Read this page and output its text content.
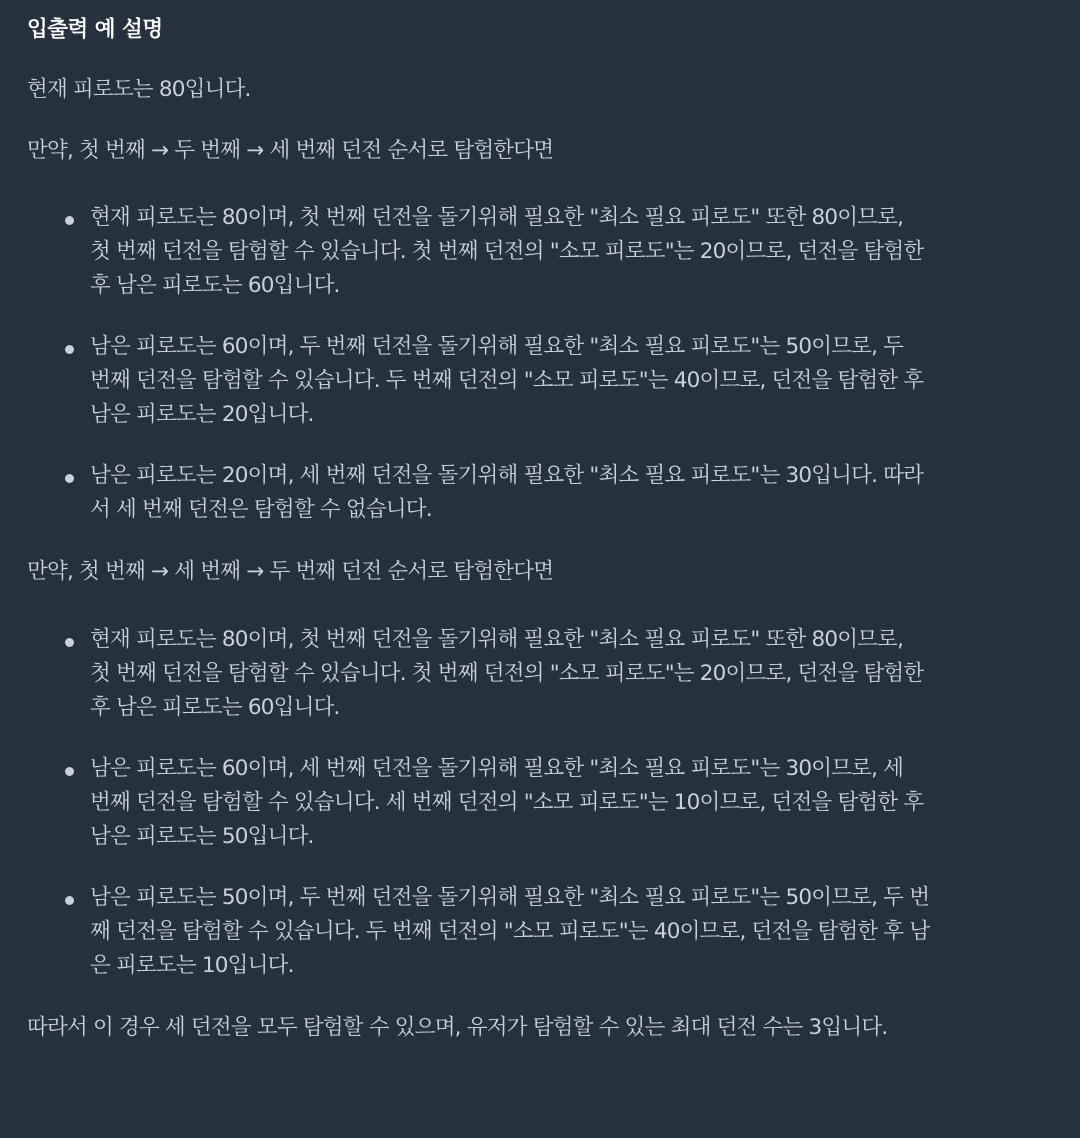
입출력 예 설명

현재 피로도는 80입니다.

만약, 첫 번째 → 두 번째 → 세 번째 던전 순서로 탐험한다면

현재 피로도는 80이며, 첫 번째 던전을 돌기위해 필요한 "최소 필요 피로도" 또한 80이므로,
첫 번째 던전을 탐험할 수 있습니다. 첫 번째 던전의 "소모 피로도"는 20이므로, 던전을 탐험한
후 남은 피로도는 60입니다.
남은 피로도는 60이며, 두 번째 던전을 돌기위해 필요한 "최소 필요 피로도"는 50이므로, 두
번째 던전을 탐험할 수 있습니다. 두 번째 던전의 "소모 피로도"는 40이므로, 던전을 탐험한 후
남은 피로도는 20입니다.
남은 피로도는 20이며, 세 번째 던전을 돌기위해 필요한 "최소 필요 피로도"는 30입니다. 따라
서 세 번째 던전은 탐험할 수 없습니다.

만약, 첫 번째 → 세 번째 → 두 번째 던전 순서로 탐험한다면

현재 피로도는 80이며, 첫 번째 던전을 돌기위해 필요한 "최소 필요 피로도" 또한 80이므로,
첫 번째 던전을 탐험할 수 있습니다. 첫 번째 던전의 "소모 피로도"는 20이므로, 던전을 탐험한
후 남은 피로도는 60입니다.
남은 피로도는 60이며, 세 번째 던전을 돌기위해 필요한 "최소 필요 피로도"는 30이므로, 세
번째 던전을 탐험할 수 있습니다. 세 번째 던전의 "소모 피로도"는 10이므로, 던전을 탐험한 후
남은 피로도는 50입니다.
남은 피로도는 50이며, 두 번째 던전을 돌기위해 필요한 "최소 필요 피로도"는 50이므로, 두 번
째 던전을 탐험할 수 있습니다. 두 번째 던전의 "소모 피로도"는 40이므로, 던전을 탐험한 후 남
은 피로도는 10입니다.

따라서 이 경우 세 던전을 모두 탐험할 수 있으며, 유저가 탐험할 수 있는 최대 던전 수는 3입니다.
